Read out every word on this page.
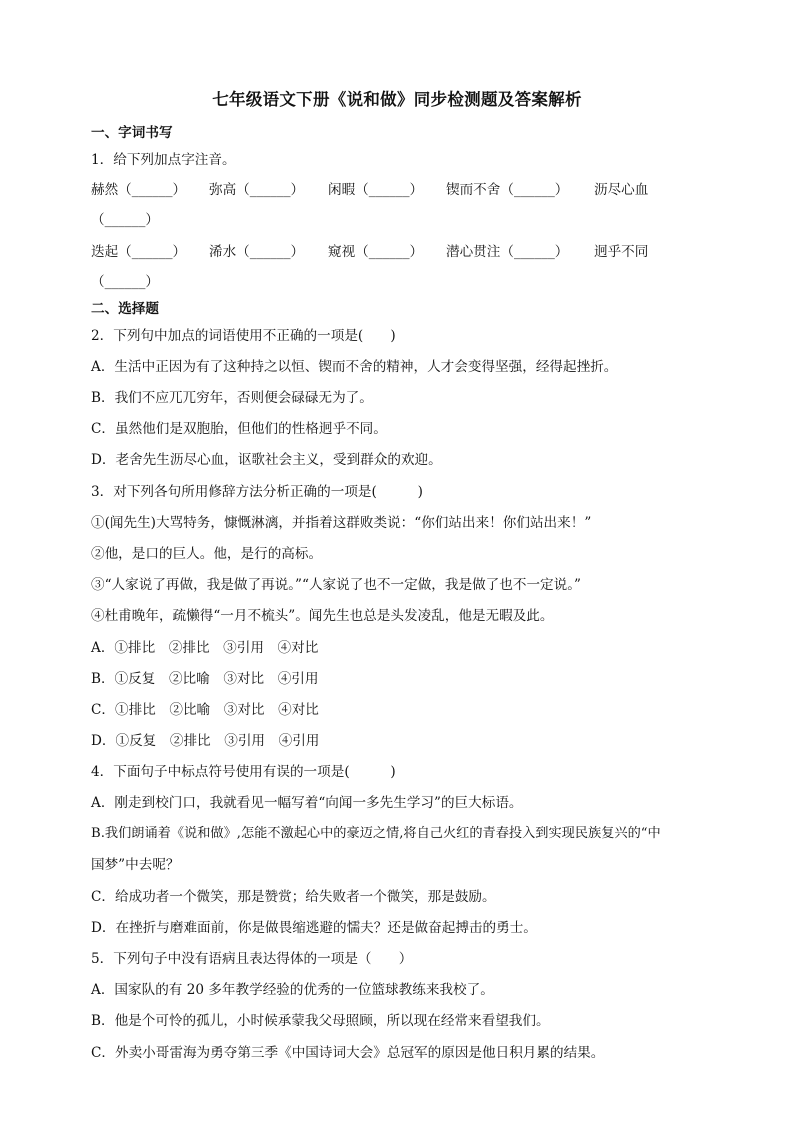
七年级语文下册《说和做》同步检测题及答案解析
一、字词书写
1．给下列加点字注音。
赫然（______） 弥高（______） 闲暇（______） 锲而不舍（______） 沥尽心血
（______）
迭起（______） 浠水（______） 窥视（______） 潜心贯注（______） 迥乎不同
（______）
二、选择题
2．下列句中加点的词语使用不正确的一项是(　　)
A．生活中正因为有了这种持之以恒、锲而不舍的精神，人才会变得坚强，经得起挫折。
B．我们不应兀兀穷年，否则便会碌碌无为了。
C．虽然他们是双胞胎，但他们的性格迥乎不同。
D．老舍先生沥尽心血，讴歌社会主义，受到群众的欢迎。
3．对下列各句所用修辞方法分析正确的一项是(　　　)
①(闻先生)大骂特务，慷慨淋漓，并指着这群败类说：“你们站出来！你们站出来！”
②他，是口的巨人。他，是行的高标。
③“人家说了再做，我是做了再说。”“人家说了也不一定做，我是做了也不一定说。”
④杜甫晚年，疏懒得“一月不梳头”。闻先生也总是头发凌乱，他是无暇及此。
A．①排比　②排比　③引用　④对比
B．①反复　②比喻　③对比　④引用
C．①排比　②比喻　③对比　④对比
D．①反复　②排比　③引用　④引用
4．下面句子中标点符号使用有误的一项是(　　　)
A．刚走到校门口，我就看见一幅写着“向闻一多先生学习”的巨大标语。
B.我们朗诵着《说和做》,怎能不激起心中的豪迈之情,将自己火红的青春投入到实现民族复兴的“中
国梦”中去呢？
C．给成功者一个微笑，那是赞赏；给失败者一个微笑，那是鼓励。
D．在挫折与磨难面前，你是做畏缩逃避的懦夫？还是做奋起搏击的勇士。
5．下列句子中没有语病且表达得体的一项是（　　）
A．国家队的有 20 多年教学经验的优秀的一位篮球教练来我校了。
B．他是个可怜的孤儿，小时候承蒙我父母照顾，所以现在经常来看望我们。
C．外卖小哥雷海为勇夺第三季《中国诗词大会》总冠军的原因是他日积月累的结果。
